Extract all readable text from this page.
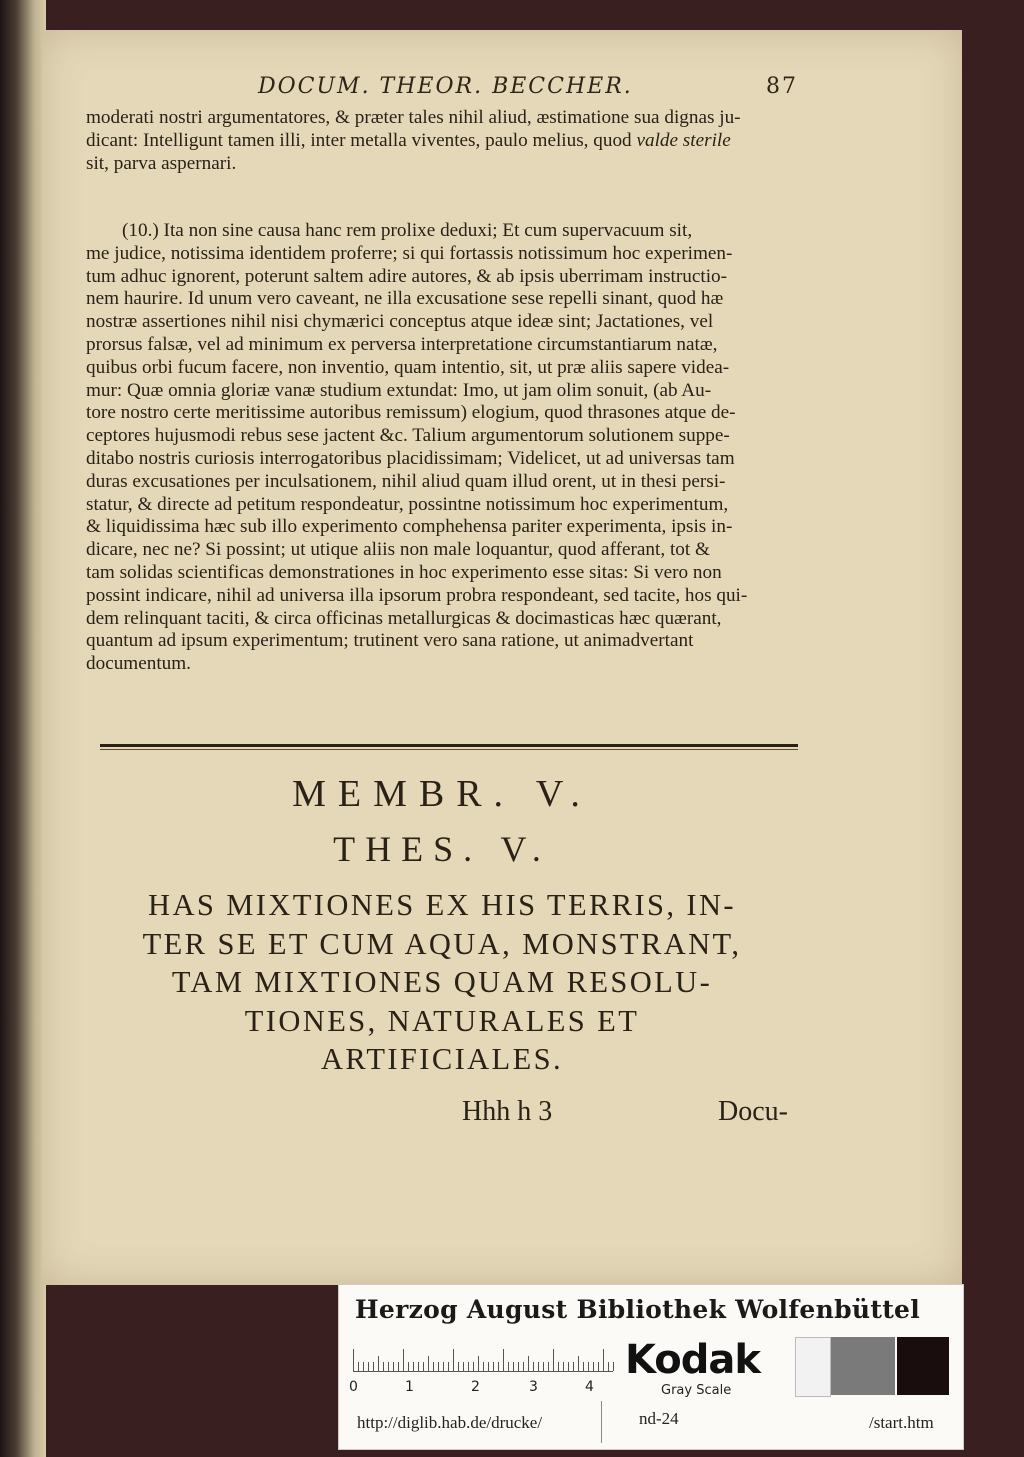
DOCUM. THEOR. BECCHER.	87
moderati nostri argumentatores, & præter tales nihil aliud, æstimatione sua dignas ju-
dicant: Intelligunt tamen illi, inter metalla viventes, paulo melius, quod valde sterile
sit, parva aspernari.
(10.) Ita non sine causa hanc rem prolixe deduxi; Et cum supervacuum sit,
me judice, notissima identidem proferre; si qui fortassis notissimum hoc experimen-
tum adhuc ignorent, poterunt saltem adire autores, & ab ipsis uberrimam instructio-
nem haurire. Id unum vero caveant, ne illa excusatione sese repelli sinant, quod hæ
nostræ assertiones nihil nisi chymærici conceptus atque ideæ sint; Jactationes, vel
prorsus falsæ, vel ad minimum ex perversa interpretatione circumstantiarum natæ,
quibus orbi fucum facere, non inventio, quam intentio, sit, ut præ aliis sapere videa-
mur: Quæ omnia gloriæ vanæ studium extundat: Imo, ut jam olim sonuit, (ab Au-
tore nostro certe meritissime autoribus remissum) elogium, quod thrasones atque de-
ceptores hujusmodi rebus sese jactent &c. Talium argumentorum solutionem suppe-
ditabo nostris curiosis interrogatoribus placidissimam; Videlicet, ut ad universas tam
duras excusationes per inculsationem, nihil aliud quam illud orent, ut in thesi persi-
statur, & directe ad petitum respondeatur, possintne notissimum hoc experimentum,
& liquidissima hæc sub illo experimento comphehensa pariter experimenta, ipsis in-
dicare, nec ne? Si possint; ut utique aliis non male loquantur, quod afferant, tot &
tam solidas scientificas demonstrationes in hoc experimento esse sitas: Si vero non
possint indicare, nihil ad universa illa ipsorum probra respondeant, sed tacite, hos qui-
dem relinquant taciti, & circa officinas metallurgicas & docimasticas hæc quærant,
quantum ad ipsum experimentum; trutinent vero sana ratione, ut animadvertant
documentum.
MEMBR. V.
THES. V.
HAS MIXTIONES EX HIS TERRIS, IN-
TER SE ET CUM AQUA, MONSTRANT,
TAM MIXTIONES QUAM RESOLU-
TIONES, NATURALES ET
ARTIFICIALES.
Hhh h 3	Docu-
Herzog August Bibliothek Wolfenbüttel
0	1	2	3	4
Kodak
Gray Scale
http://diglib.hab.de/drucke/	nd-24	/start.htm
